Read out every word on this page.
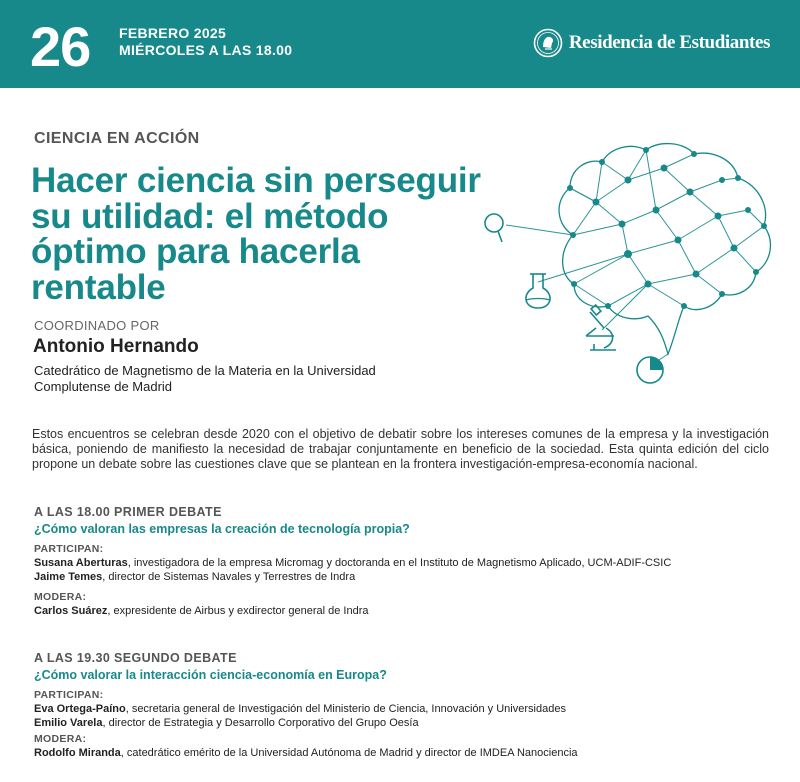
26 FEBRERO 2025
MIÉRCOLES A LAS 18.00	Residencia de Estudiantes
CIENCIA EN ACCIÓN
Hacer ciencia sin perseguir su utilidad: el método óptimo para hacerla rentable
COORDINADO POR
Antonio Hernando
Catedrático de Magnetismo de la Materia en la Universidad Complutense de Madrid
Estos encuentros se celebran desde 2020 con el objetivo de debatir sobre los intereses comunes de la empresa y la investigación básica, poniendo de manifiesto la necesidad de trabajar conjuntamente en beneficio de la sociedad. Esta quinta edición del ciclo propone un debate sobre las cuestiones clave que se plantean en la frontera investigación-empresa-economía nacional.
A LAS 18.00 PRIMER DEBATE
¿Cómo valoran las empresas la creación de tecnología propia?
PARTICIPAN:
Susana Aberturas, investigadora de la empresa Micromag y doctoranda en el Instituto de Magnetismo Aplicado, UCM-ADIF-CSIC
Jaime Temes, director de Sistemas Navales y Terrestres de Indra
MODERA:
Carlos Suárez, expresidente de Airbus y exdirector general de Indra
A LAS 19.30 SEGUNDO DEBATE
¿Cómo valorar la interacción ciencia-economía en Europa?
PARTICIPAN:
Eva Ortega-Paíno, secretaria general de Investigación del Ministerio de Ciencia, Innovación y Universidades
Emilio Varela, director de Estrategia y Desarrollo Corporativo del Grupo Oesía
MODERA:
Rodolfo Miranda, catedrático emérito de la Universidad Autónoma de Madrid y director de IMDEA Nanociencia
